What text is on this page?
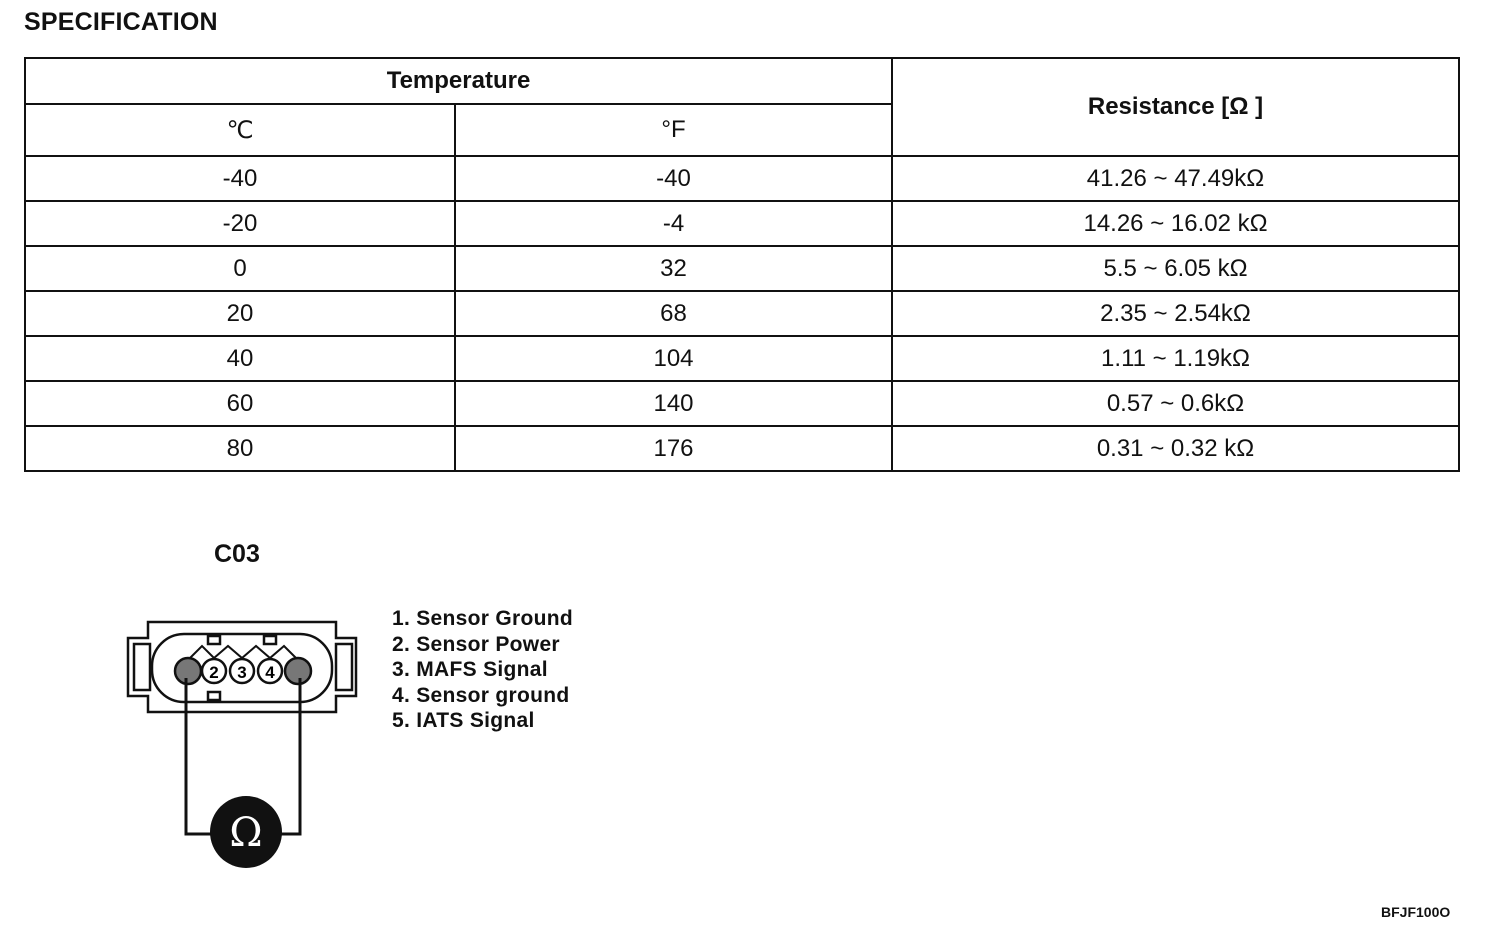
SPECIFICATION
Temperature		Resistance [Ω ]
℃	°F	
-40	-40	41.26 ~ 47.49kΩ
-20	-4	14.26 ~ 16.02 kΩ
0	32	5.5 ~ 6.05 kΩ
20	68	2.35 ~ 2.54kΩ
40	104	1.11 ~ 1.19kΩ
60	140	0.57 ~ 0.6kΩ
80	176	0.31 ~ 0.32 kΩ
C03
2 3 4
Ω
1. Sensor Ground
2. Sensor Power
3. MAFS Signal
4. Sensor ground
5. IATS Signal
BFJF100O
